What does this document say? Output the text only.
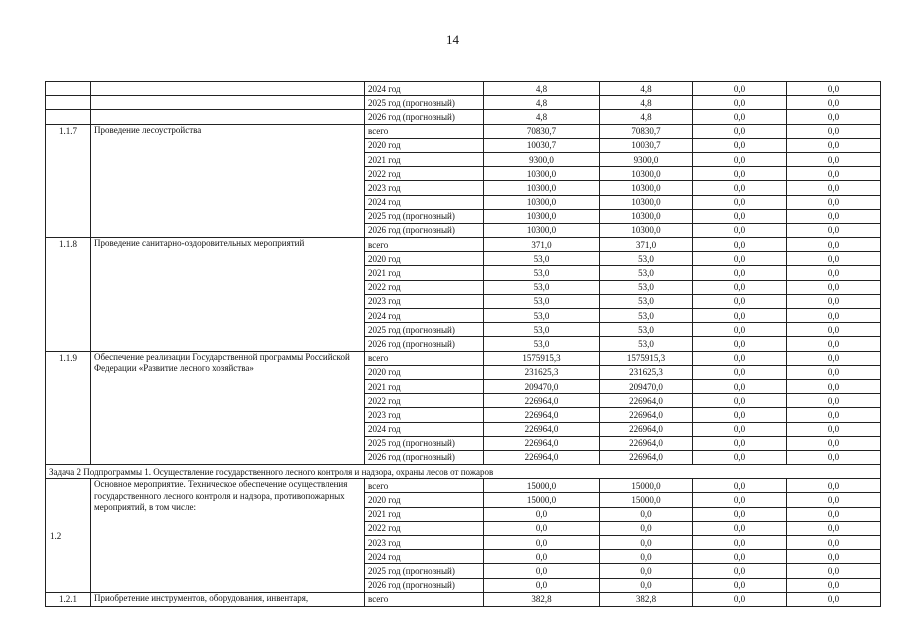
14
		2024 год	4,8	4,8	0,0	0,0
		2025 год (прогнозный)	4,8	4,8	0,0	0,0
		2026 год (прогнозный)	4,8	4,8	0,0	0,0
1.1.7	Проведение лесоустройства	всего	70830,7	70830,7	0,0	0,0
		2020 год	10030,7	10030,7	0,0	0,0
		2021 год	9300,0	9300,0	0,0	0,0
		2022 год	10300,0	10300,0	0,0	0,0
		2023 год	10300,0	10300,0	0,0	0,0
		2024 год	10300,0	10300,0	0,0	0,0
		2025 год (прогнозный)	10300,0	10300,0	0,0	0,0
		2026 год (прогнозный)	10300,0	10300,0	0,0	0,0
1.1.8	Проведение санитарно-оздоровительных мероприятий	всего	371,0	371,0	0,0	0,0
		2020 год	53,0	53,0	0,0	0,0
		2021 год	53,0	53,0	0,0	0,0
		2022 год	53,0	53,0	0,0	0,0
		2023 год	53,0	53,0	0,0	0,0
		2024 год	53,0	53,0	0,0	0,0
		2025 год (прогнозный)	53,0	53,0	0,0	0,0
		2026 год (прогнозный)	53,0	53,0	0,0	0,0
1.1.9	Обеспечение реализации Государственной программы Российской Федерации «Развитие лесного хозяйства»	всего	1575915,3	1575915,3	0,0	0,0
		2020 год	231625,3	231625,3	0,0	0,0
		2021 год	209470,0	209470,0	0,0	0,0
		2022 год	226964,0	226964,0	0,0	0,0
		2023 год	226964,0	226964,0	0,0	0,0
		2024 год	226964,0	226964,0	0,0	0,0
		2025 год (прогнозный)	226964,0	226964,0	0,0	0,0
		2026 год (прогнозный)	226964,0	226964,0	0,0	0,0
Задача 2 Подпрограммы 1. Осуществление государственного лесного контроля и надзора, охраны лесов от пожаров						
1.2	Основное мероприятие. Техническое обеспечение осуществления государственного лесного контроля и надзора, противопожарных мероприятий, в том числе:	всего	15000,0	15000,0	0,0	0,0
		2020 год	15000,0	15000,0	0,0	0,0
		2021 год	0,0	0,0	0,0	0,0
		2022 год	0,0	0,0	0,0	0,0
		2023 год	0,0	0,0	0,0	0,0
		2024 год	0,0	0,0	0,0	0,0
		2025 год (прогнозный)	0,0	0,0	0,0	0,0
		2026 год (прогнозный)	0,0	0,0	0,0	0,0
1.2.1	Приобретение инструментов, оборудования, инвентаря,	всего	382,8	382,8	0,0	0,0
